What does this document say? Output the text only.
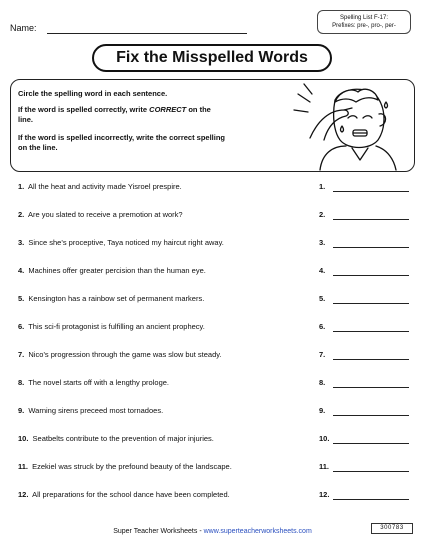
Name:
Spelling List F-17:
Prefixes: pre-, pro-, per-
Fix the Misspelled Words
Circle the spelling word in each sentence.
If the word is spelled correctly, write CORRECT on the line.
If the word is spelled incorrectly, write the correct spelling on the line.
1. All the heat and activity made Yisroel prespire.	1.
2. Are you slated to receive a premotion at work?	2.
3. Since she’s proceptive, Taya noticed my haircut right away.	3.
4. Machines offer greater percision than the human eye.	4.
5. Kensington has a rainbow set of permanent markers.	5.
6. This sci-fi protagonist is fulfilling an ancient prophecy.	6.
7. Nico’s progression through the game was slow but steady.	7.
8. The novel starts off with a lengthy prologe.	8.
9. Warning sirens preceed most tornadoes.	9.
10. Seatbelts contribute to the prevention of major injuries.	10.
11. Ezekiel was struck by the prefound beauty of the landscape.	11.
12. All preparations for the school dance have been completed.	12.
Super Teacher Worksheets - www.superteacherworksheets.com	300783
